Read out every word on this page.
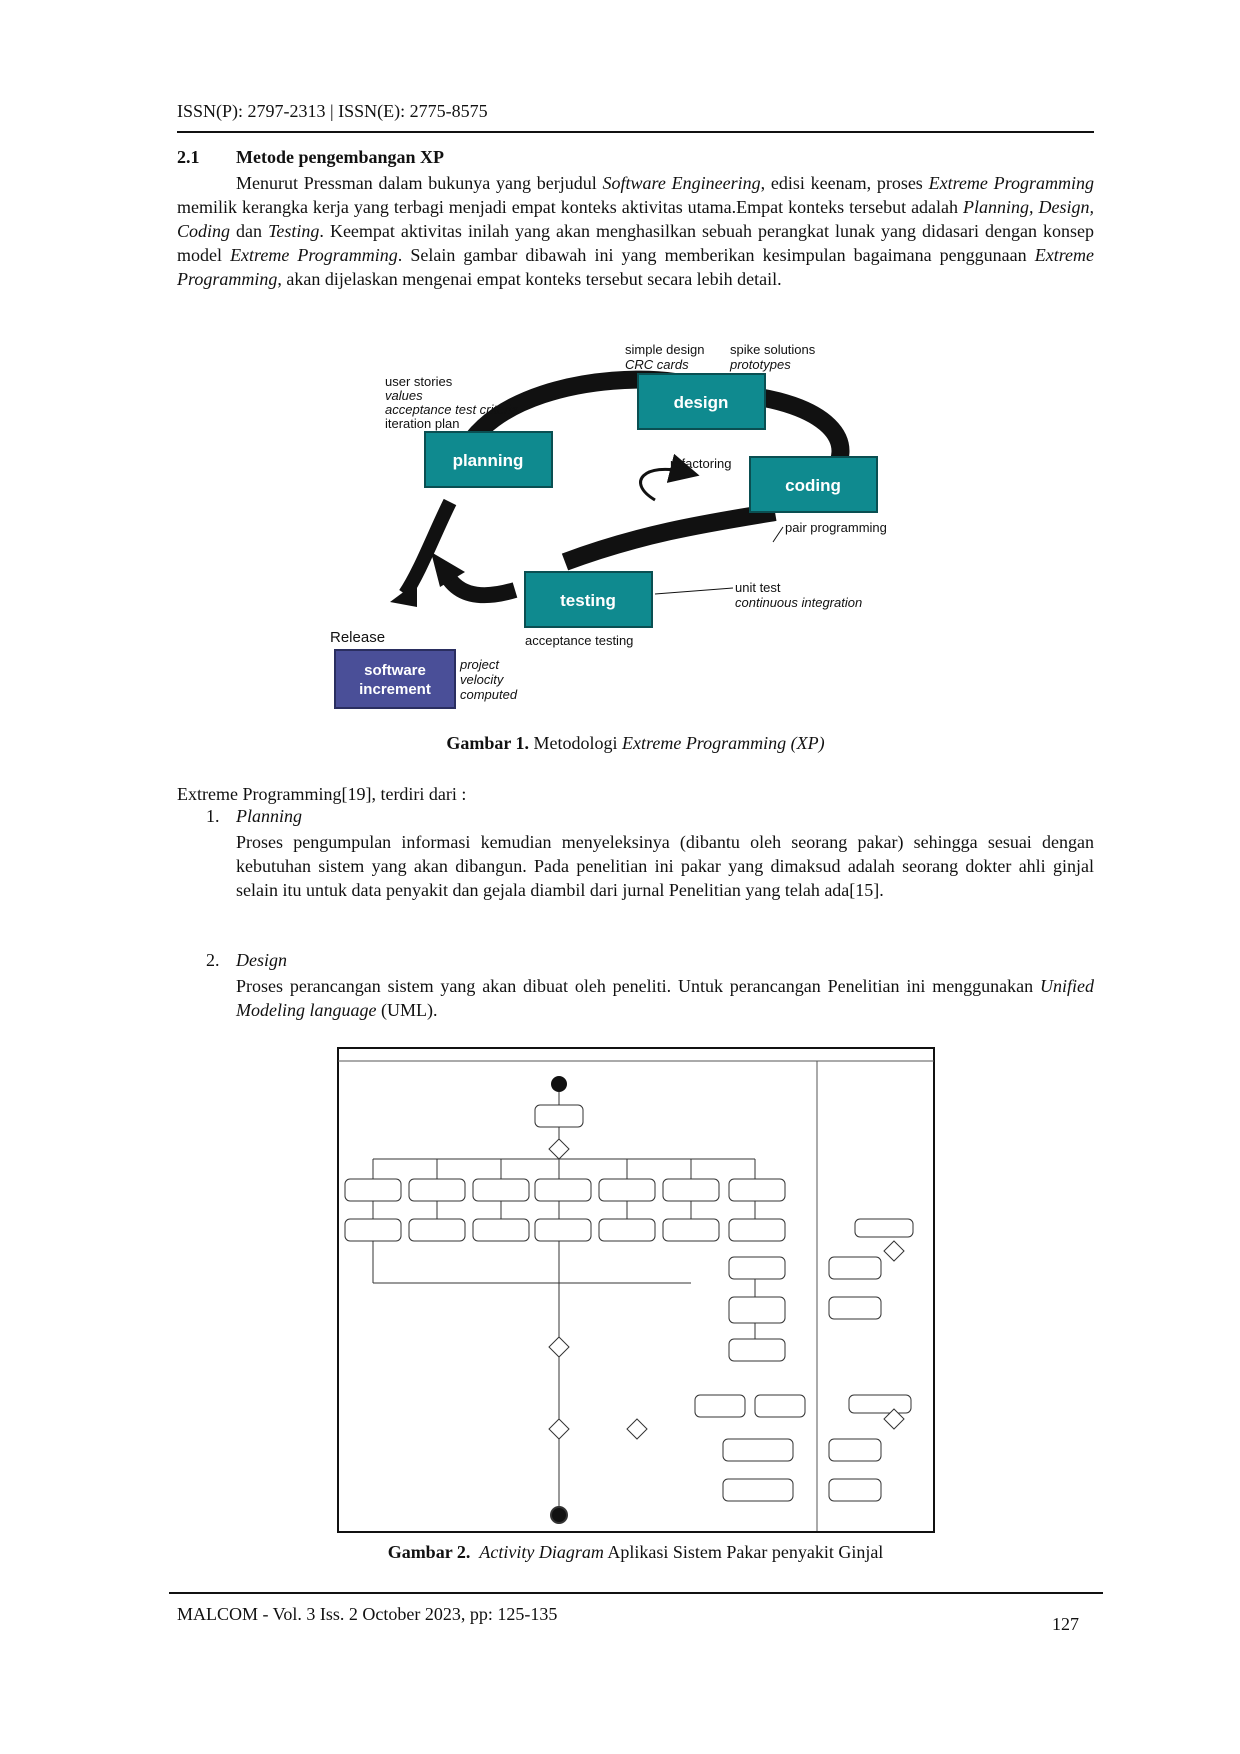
ISSN(P): 2797-2313 | ISSN(E): 2775-8575
2.1 Metode pengembangan XP

Menurut Pressman dalam bukunya yang berjudul Software Engineering, edisi keenam, proses Extreme Programming memilik kerangka kerja yang terbagi menjadi empat konteks aktivitas utama.Empat konteks tersebut adalah Planning, Design, Coding dan Testing. Keempat aktivitas inilah yang akan menghasilkan sebuah perangkat lunak yang didasari dengan konsep model Extreme Programming. Selain gambar dibawah ini yang memberikan kesimpulan bagaimana penggunaan Extreme Programming, akan dijelaskan mengenai empat konteks tersebut secara lebih detail.

design
planning
coding
testing
software
increment
simple design
CRC cards
spike solutions
prototypes
user stories
values
acceptance test criteria
iteration plan
refactoring
pair programming
unit test
continuous integration
Release	acceptance testing
project
velocity
computed
Gambar 1. Metodologi Extreme Programming (XP)
Extreme Programming[19], terdiri dari :
1. Planning
Proses pengumpulan informasi kemudian menyeleksinya (dibantu oleh seorang pakar) sehingga sesuai dengan kebutuhan sistem yang akan dibangun. Pada penelitian ini pakar yang dimaksud adalah seorang dokter ahli ginjal selain itu untuk data penyakit dan gejala diambil dari jurnal Penelitian yang telah ada[15].
2. Design
Proses perancangan sistem yang akan dibuat oleh peneliti. Untuk perancangan Penelitian ini menggunakan Unified Modeling language (UML).
Gambar 2. Activity Diagram Aplikasi Sistem Pakar penyakit Ginjal
MALCOM - Vol. 3 Iss. 2 October 2023, pp: 125-135	127
